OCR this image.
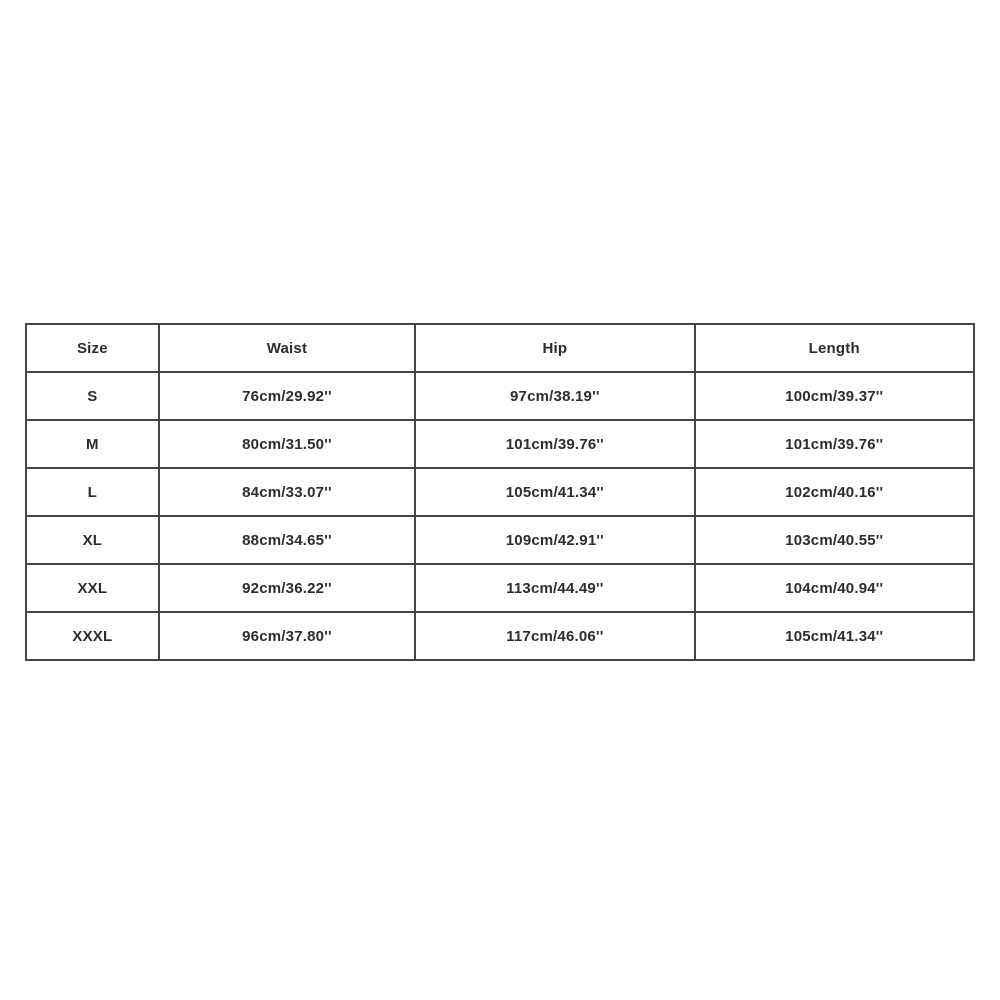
Size	Waist	Hip	Length
S	76cm/29.92''	97cm/38.19''	100cm/39.37''
M	80cm/31.50''	101cm/39.76''	101cm/39.76''
L	84cm/33.07''	105cm/41.34''	102cm/40.16''
XL	88cm/34.65''	109cm/42.91''	103cm/40.55''
XXL	92cm/36.22''	113cm/44.49''	104cm/40.94''
XXXL	96cm/37.80''	117cm/46.06''	105cm/41.34''
